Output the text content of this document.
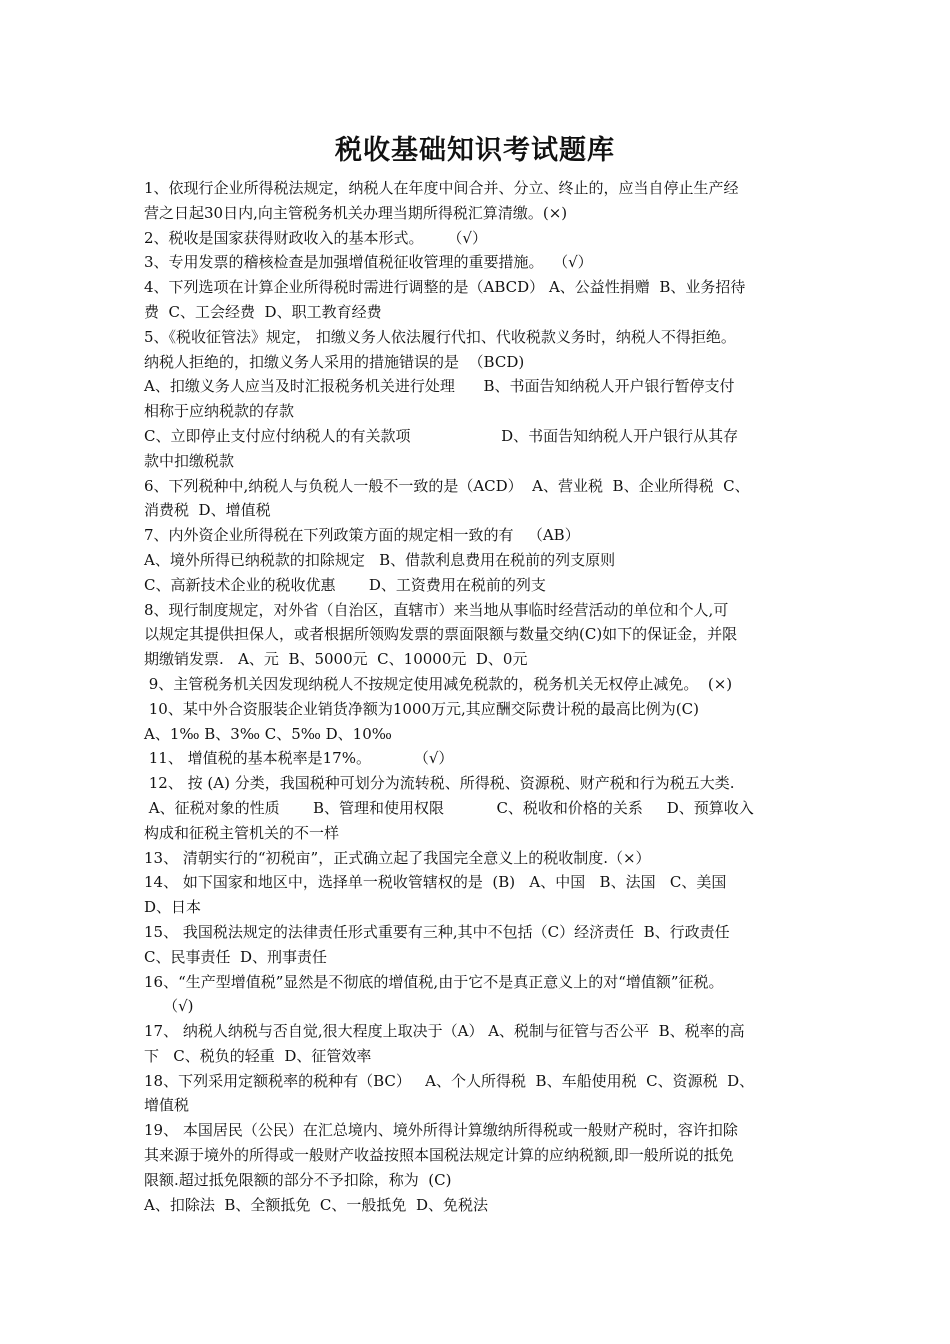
税收基础知识考试题库
1、依现行企业所得税法规定，纳税人在年度中间合并、分立、终止的，应当自停止生产经
营之日起30日内,向主管税务机关办理当期所得税汇算清缴。(×)
2、税收是国家获得财政收入的基本形式。     （√）
3、专用发票的稽核检查是加强增值税征收管理的重要措施。  （√）
4、下列选项在计算企业所得税时需进行调整的是（ABCD） A、公益性捐赠  B、业务招待
费  C、工会经费  D、职工教育经费
5、《税收征管法》规定， 扣缴义务人依法履行代扣、代收税款义务时，纳税人不得拒绝。
纳税人拒绝的，扣缴义务人采用的措施错误的是  （BCD)
A、扣缴义务人应当及时汇报税务机关进行处理      B、书面告知纳税人开户银行暂停支付
相称于应纳税款的存款
C、立即停止支付应付纳税人的有关款项                   D、书面告知纳税人开户银行从其存
款中扣缴税款
6、下列税种中,纳税人与负税人一般不一致的是（ACD）  A、营业税  B、企业所得税  C、
消费税  D、增值税
7、内外资企业所得税在下列政策方面的规定相一致的有   （AB）
A、境外所得已纳税款的扣除规定   B、借款利息费用在税前的列支原则
C、高新技术企业的税收优惠       D、工资费用在税前的列支
8、现行制度规定，对外省（自治区，直辖市）来当地从事临时经营活动的单位和个人,可
以规定其提供担保人，或者根据所领购发票的票面限额与数量交纳(C)如下的保证金，并限
期缴销发票.   A、元  B、5000元  C、10000元  D、0元
9、主管税务机关因发现纳税人不按规定使用减免税款的，税务机关无权停止减免。  (×)
10、某中外合资服装企业销货净额为1000万元,其应酬交际费计税的最高比例为(C)
A、1‰ B、3‰ C、5‰ D、10‰
11、 增值税的基本税率是17%。         （√）
12、 按 (A) 分类，我国税种可划分为流转税、所得税、资源税、财产税和行为税五大类.
A、征税对象的性质       B、管理和使用权限           C、税收和价格的关系     D、预算收入
构成和征税主管机关的不一样
13、 清朝实行的“初税亩”，正式确立起了我国完全意义上的税收制度.（×）
14、 如下国家和地区中，选择单一税收管辖权的是  (B)   A、中国   B、法国   C、美国
D、日本
15、 我国税法规定的法律责任形式重要有三种,其中不包括（C）经济责任  B、行政责任
C、民事责任  D、刑事责任
16、“生产型增值税”显然是不彻底的增值税,由于它不是真正意义上的对“增值额”征税。
（√)
17、 纳税人纳税与否自觉,很大程度上取决于（A） A、税制与征管与否公平  B、税率的高
下   C、税负的轻重  D、征管效率
18、下列采用定额税率的税种有（BC）   A、个人所得税  B、车船使用税  C、资源税  D、
增值税
19、 本国居民（公民）在汇总境内、境外所得计算缴纳所得税或一般财产税时，容许扣除
其来源于境外的所得或一般财产收益按照本国税法规定计算的应纳税额,即一般所说的抵免
限额.超过抵免限额的部分不予扣除，称为  (C)
A、扣除法  B、全额抵免  C、一般抵免  D、免税法
